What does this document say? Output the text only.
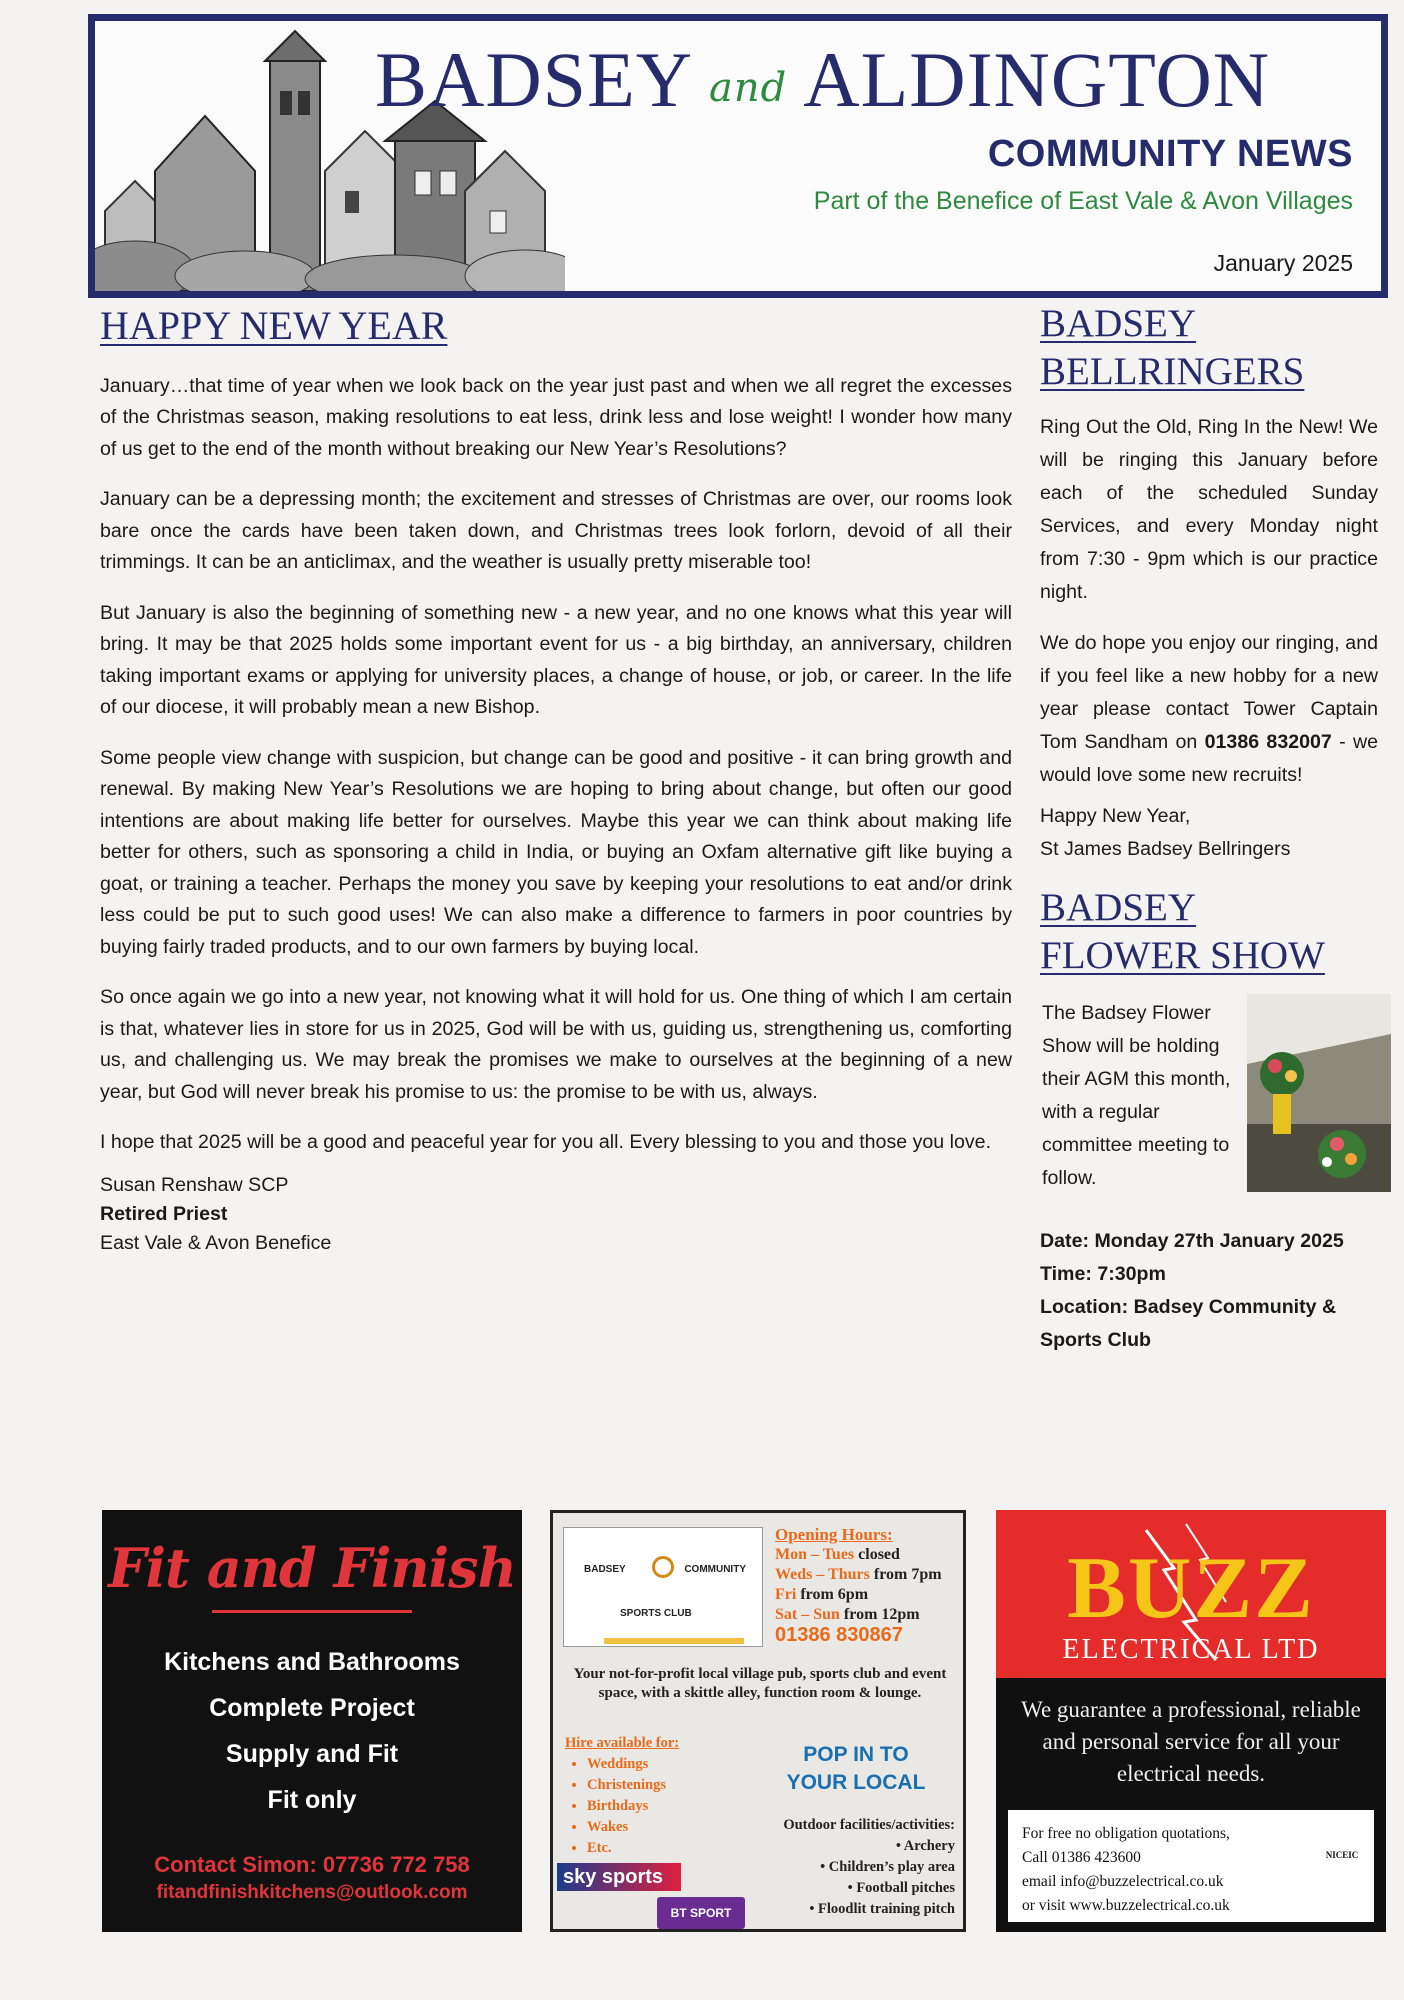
BADSEY and ALDINGTON
COMMUNITY NEWS
Part of the Benefice of East Vale & Avon Villages
January 2025
HAPPY NEW YEAR

January…that time of year when we look back on the year just past and when we all regret the excesses of the Christmas season, making resolutions to eat less, drink less and lose weight! I wonder how many of us get to the end of the month without breaking our New Year’s Resolutions?

January can be a depressing month; the excitement and stresses of Christmas are over, our rooms look bare once the cards have been taken down, and Christmas trees look forlorn, devoid of all their trimmings. It can be an anticlimax, and the weather is usually pretty miserable too!

But January is also the beginning of something new - a new year, and no one knows what this year will bring. It may be that 2025 holds some important event for us - a big birthday, an anniversary, children taking important exams or applying for university places, a change of house, or job, or career. In the life of our diocese, it will probably mean a new Bishop.

Some people view change with suspicion, but change can be good and positive - it can bring growth and renewal. By making New Year’s Resolutions we are hoping to bring about change, but often our good intentions are about making life better for ourselves. Maybe this year we can think about making life better for others, such as sponsoring a child in India, or buying an Oxfam alternative gift like buying a goat, or training a teacher. Perhaps the money you save by keeping your resolutions to eat and/or drink less could be put to such good uses! We can also make a difference to farmers in poor countries by buying fairly traded products, and to our own farmers by buying local.

So once again we go into a new year, not knowing what it will hold for us. One thing of which I am certain is that, whatever lies in store for us in 2025, God will be with us, guiding us, strengthening us, comforting us, and challenging us. We may break the promises we make to ourselves at the beginning of a new year, but God will never break his promise to us: the promise to be with us, always.

I hope that 2025 will be a good and peaceful year for you all. Every blessing to you and those you love.

Susan Renshaw SCP
Retired Priest
East Vale & Avon Benefice
BADSEY
BELLRINGERS

Ring Out the Old, Ring In the New! We will be ringing this January before each of the scheduled Sunday Services, and every Monday night from 7:30 - 9pm which is our practice night.

We do hope you enjoy our ringing, and if you feel like a new hobby for a new year please contact Tower Captain Tom Sandham on 01386 832007 - we would love some new recruits!

Happy New Year,
St James Badsey Bellringers
BADSEY
FLOWER SHOW
The Badsey Flower Show will be holding their AGM this month, with a regular committee meeting to follow.
Date: Monday 27th January 2025
Time: 7:30pm
Location: Badsey Community & Sports Club
Fit and Finish
Kitchens and Bathrooms
Complete Project
Supply and Fit
Fit only
Contact Simon: 07736 772 758
fitandfinishkitchens@outlook.com
BADSEY	COMMUNITY
SPORTS CLUB
Opening Hours:
Mon – Tues closed
Weds – Thurs from 7pm
Fri from 6pm
Sat – Sun from 12pm
01386 830867
Your not-for-profit local village pub, sports club and event space, with a skittle alley, function room & lounge.
Hire available for:
• Weddings
• Christenings
• Birthdays
• Wakes
• Etc.
POP IN TO
YOUR LOCAL
Outdoor facilities/activities:
• Archery
• Children’s play area
• Football pitches
• Floodlit training pitch
sky sports
BT SPORT
BUZZ
ELECTRICAL LTD
We guarantee a professional, reliable and personal service for all your electrical needs.
For free no obligation quotations,
Call 01386 423600
email info@buzzelectrical.co.uk
or visit www.buzzelectrical.co.uk
NICEIC
